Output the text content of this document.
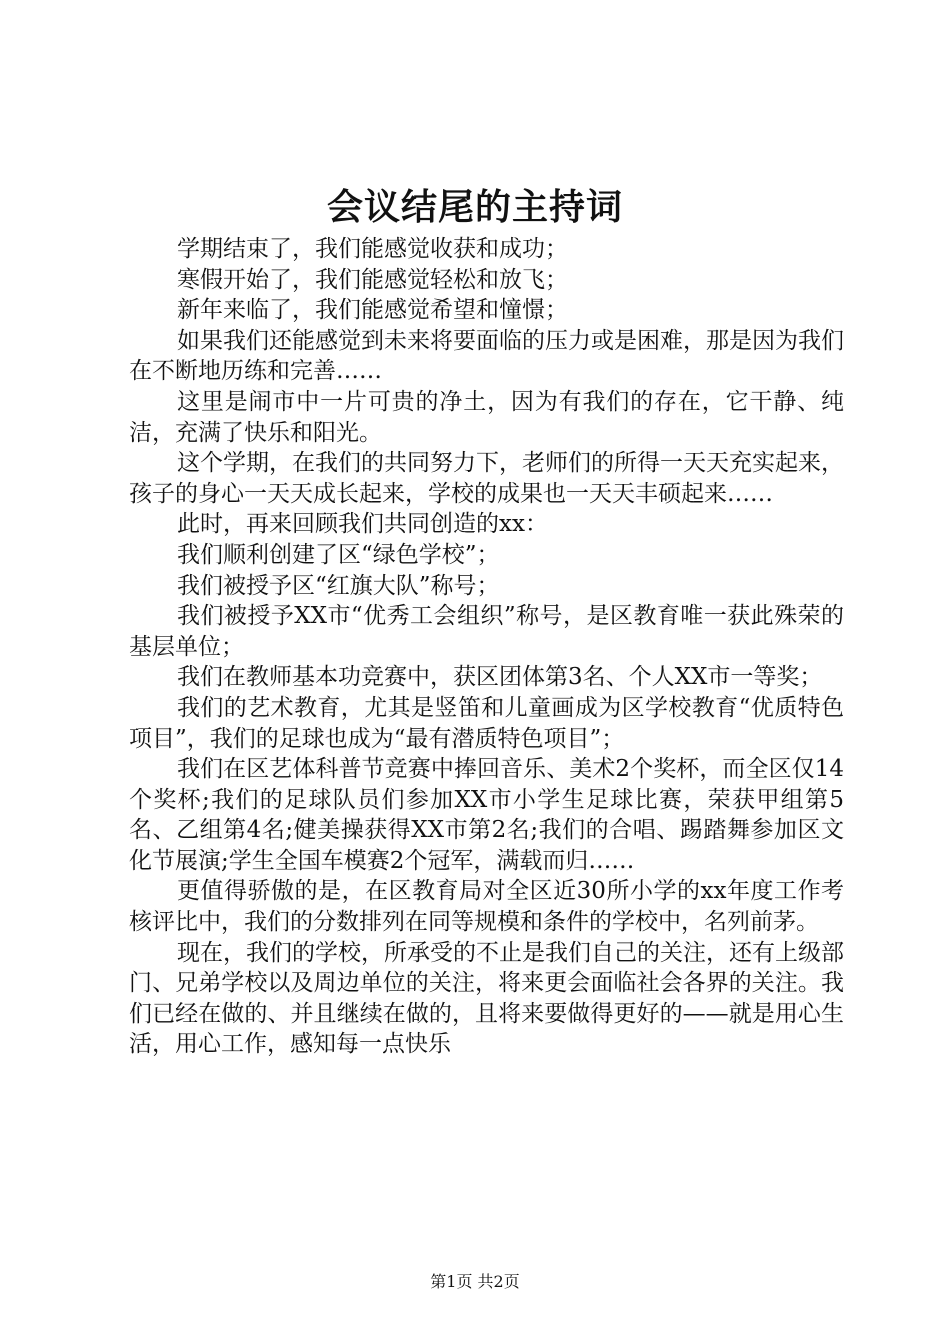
会议结尾的主持词

学期结束了，我们能感觉收获和成功；

寒假开始了，我们能感觉轻松和放飞；

新年来临了，我们能感觉希望和憧憬；

如果我们还能感觉到未来将要面临的压力或是困难，那是因为我们在不断地历练和完善……

这里是闹市中一片可贵的净土，因为有我们的存在，它干静、纯洁，充满了快乐和阳光。

这个学期，在我们的共同努力下，老师们的所得一天天充实起来，孩子的身心一天天成长起来，学校的成果也一天天丰硕起来……

此时，再来回顾我们共同创造的xx：

我们顺利创建了区“绿色学校”；

我们被授予区“红旗大队”称号；

我们被授予XX市“优秀工会组织”称号，是区教育唯一获此殊荣的基层单位；

我们在教师基本功竞赛中，获区团体第3名、个人XX市一等奖；

我们的艺术教育，尤其是竖笛和儿童画成为区学校教育“优质特色项目”，我们的足球也成为“最有潜质特色项目”；

我们在区艺体科普节竞赛中捧回音乐、美术2个奖杯，而全区仅14个奖杯;我们的足球队员们参加XX市小学生足球比赛，荣获甲组第5名、乙组第4名;健美操获得XX市第2名;我们的合唱、踢踏舞参加区文化节展演;学生全国车模赛2个冠军，满载而归……

更值得骄傲的是，在区教育局对全区近30所小学的xx年度工作考核评比中，我们的分数排列在同等规模和条件的学校中，名列前茅。

现在，我们的学校，所承受的不止是我们自己的关注，还有上级部门、兄弟学校以及周边单位的关注，将来更会面临社会各界的关注。我们已经在做的、并且继续在做的，且将来要做得更好的——就是用心生活，用心工作，感知每一点快乐

第1页 共2页
